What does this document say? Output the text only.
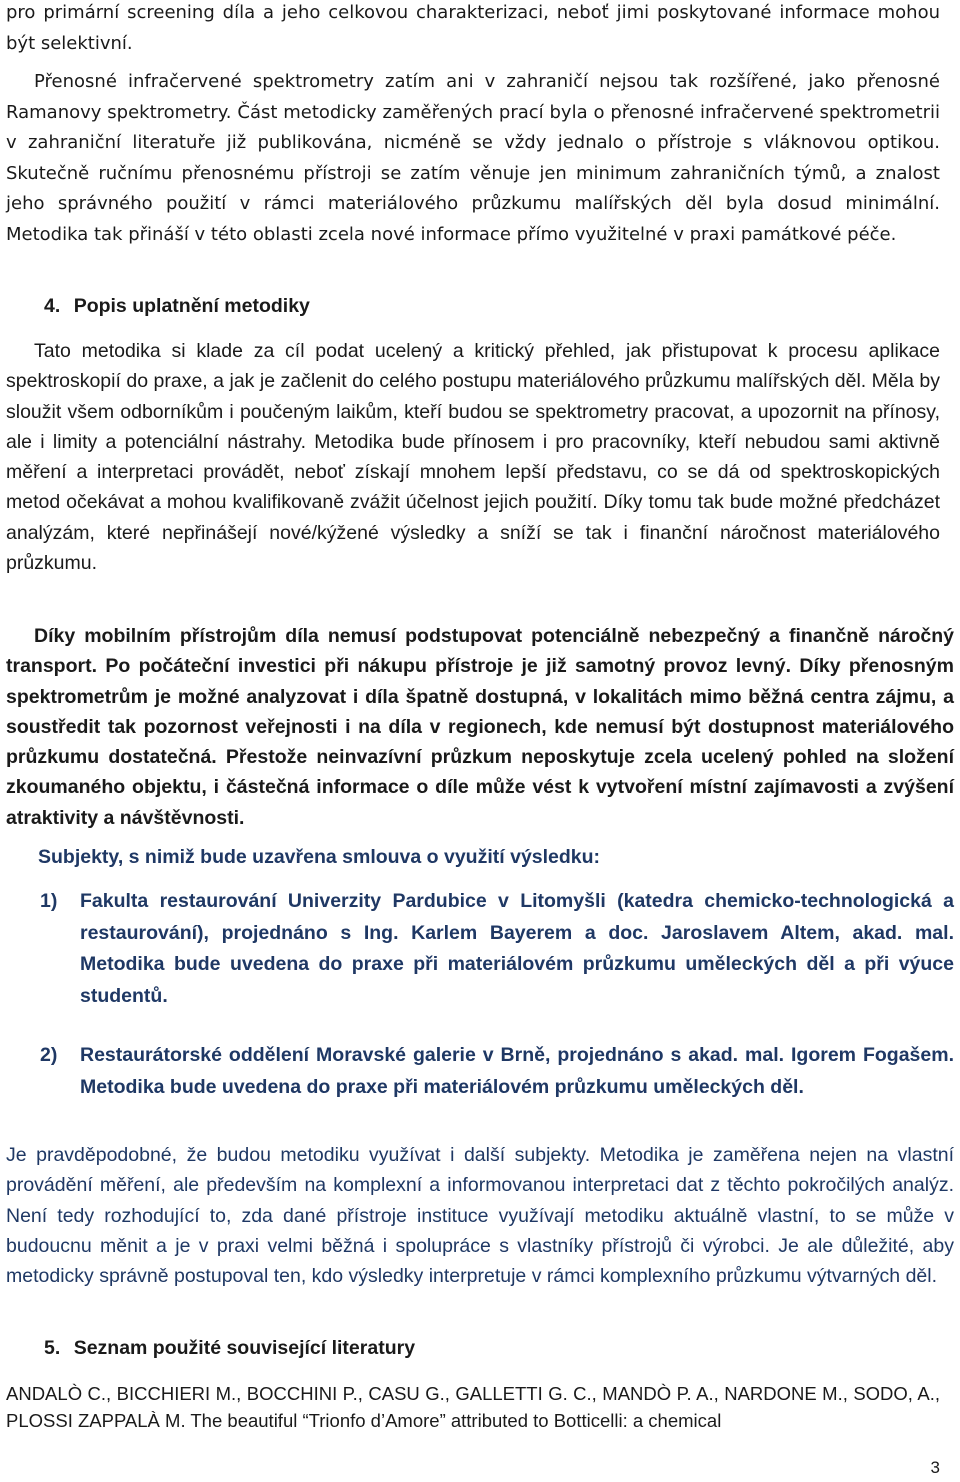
pro primární screening díla a jeho celkovou charakterizaci, neboť jimi poskytované informace mohou být selektivní.

Přenosné infračervené spektrometry zatím ani v zahraničí nejsou tak rozšířené, jako přenosné Ramanovy spektrometry. Část metodicky zaměřených prací byla o přenosné infračervené spektrometrii v zahraniční literatuře již publikována, nicméně se vždy jednalo o přístroje s vláknovou optikou. Skutečně ručnímu přenosnému přístroji se zatím věnuje jen minimum zahraničních týmů, a znalost jeho správného použití v rámci materiálového průzkumu malířských děl byla dosud minimální. Metodika tak přináší v této oblasti zcela nové informace přímo využitelné v praxi památkové péče.

4. Popis uplatnění metodiky

Tato metodika si klade za cíl podat ucelený a kritický přehled, jak přistupovat k procesu aplikace spektroskopií do praxe, a jak je začlenit do celého postupu materiálového průzkumu malířských děl. Měla by sloužit všem odborníkům i poučeným laikům, kteří budou se spektrometry pracovat, a upozornit na přínosy, ale i limity a potenciální nástrahy. Metodika bude přínosem i pro pracovníky, kteří nebudou sami aktivně měření a interpretaci provádět, neboť získají mnohem lepší představu, co se dá od spektroskopických metod očekávat a mohou kvalifikovaně zvážit účelnost jejich použití. Díky tomu tak bude možné předcházet analýzám, které nepřinášejí nové/kýžené výsledky a sníží se tak i finanční náročnost materiálového průzkumu.

Díky mobilním přístrojům díla nemusí podstupovat potenciálně nebezpečný a finančně náročný transport. Po počáteční investici při nákupu přístroje je již samotný provoz levný. Díky přenosným spektrometrům je možné analyzovat i díla špatně dostupná, v lokalitách mimo běžná centra zájmu, a soustředit tak pozornost veřejnosti i na díla v regionech, kde nemusí být dostupnost materiálového průzkumu dostatečná. Přestože neinvazívní průzkum neposkytuje zcela ucelený pohled na složení zkoumaného objektu, i částečná informace o díle může vést k vytvoření místní zajímavosti a zvýšení atraktivity a návštěvnosti.

Subjekty, s nimiž bude uzavřena smlouva o využití výsledku:
1)	Fakulta restaurování Univerzity Pardubice v Litomyšli (katedra chemicko-technologická a restaurování), projednáno s Ing. Karlem Bayerem a doc. Jaroslavem Altem, akad. mal. Metodika bude uvedena do praxe při materiálovém průzkumu uměleckých děl a při výuce studentů.
2)	Restaurátorské oddělení Moravské galerie v Brně, projednáno s akad. mal. Igorem Fogašem. Metodika bude uvedena do praxe při materiálovém průzkumu uměleckých děl.

Je pravděpodobné, že budou metodiku využívat i další subjekty. Metodika je zaměřena nejen na vlastní provádění měření, ale především na komplexní a informovanou interpretaci dat z těchto pokročilých analýz. Není tedy rozhodující to, zda dané přístroje instituce využívají metodiku aktuálně vlastní, to se může v budoucnu měnit a je v praxi velmi běžná i spolupráce s vlastníky přístrojů či výrobci. Je ale důležité, aby metodicky správně postupoval ten, kdo výsledky interpretuje v rámci komplexního průzkumu výtvarných děl.

5. Seznam použité související literatury

ANDALÒ C., BICCHIERI M., BOCCHINI P., CASU G., GALLETTI G. C., MANDÒ P. A., NARDONE M., SODO, A., PLOSSI ZAPPALÀ M. The beautiful “Trionfo d’Amore” attributed to Botticelli: a chemical

3
